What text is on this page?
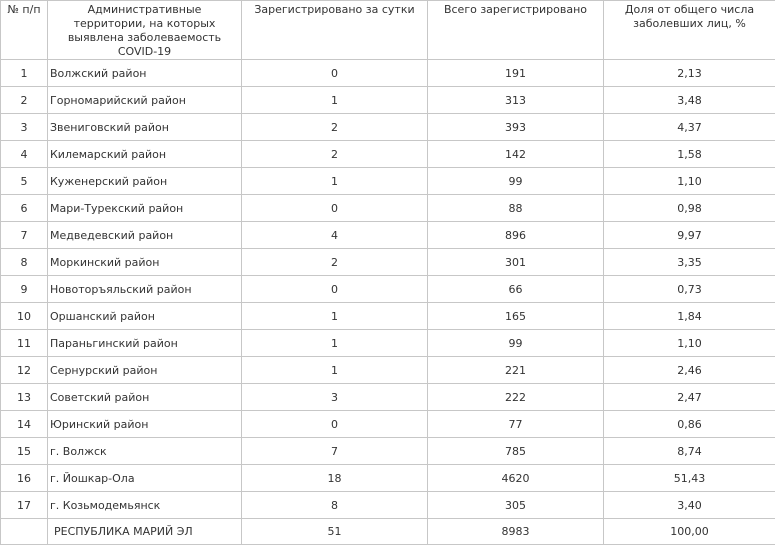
№ п/п	Административные территории, на которых выявлена заболеваемость COVID-19	Зарегистрировано за сутки	Всего зарегистрировано	Доля от общего числа заболевших лиц, %
1	Волжский район	0	191	2,13
2	Горномарийский район	1	313	3,48
3	Звениговский район	2	393	4,37
4	Килемарский район	2	142	1,58
5	Куженерский район	1	99	1,10
6	Мари-Турекский район	0	88	0,98
7	Медведевский район	4	896	9,97
8	Моркинский район	2	301	3,35
9	Новоторъяльский район	0	66	0,73
10	Оршанский район	1	165	1,84
11	Параньгинский район	1	99	1,10
12	Сернурский район	1	221	2,46
13	Советский район	3	222	2,47
14	Юринский район	0	77	0,86
15	г. Волжск	7	785	8,74
16	г. Йошкар-Ола	18	4620	51,43
17	г. Козьмодемьянск	8	305	3,40
	РЕСПУБЛИКА МАРИЙ ЭЛ	51	8983	100,00
